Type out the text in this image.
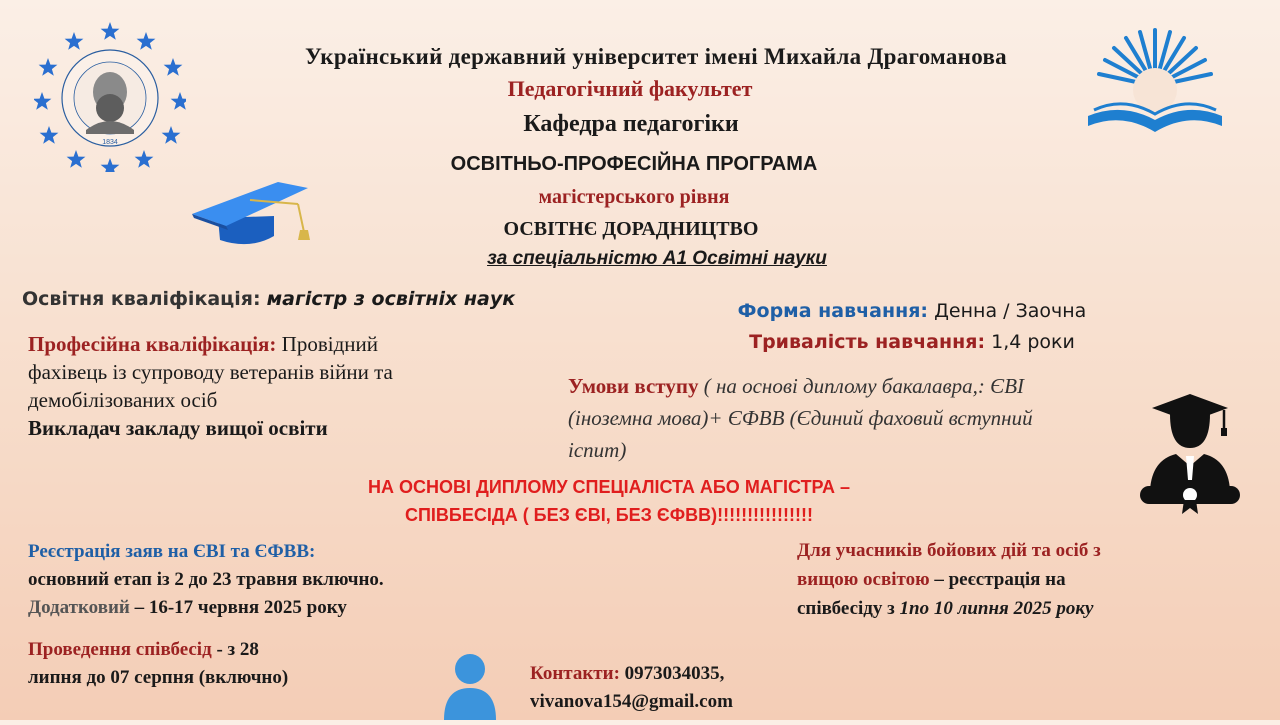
1834
Український державний університет імені Михайла Драгоманова
Педагогічний факультет
Кафедра педагогіки
ОСВІТНЬО-ПРОФЕСІЙНА ПРОГРАМА
магістерського рівня
ОСВІТНЄ ДОРАДНИЦТВО
за спеціальністю А1 Освітні науки
Освітня кваліфікація: магістр з освітніх наук
Професійна кваліфікація: Провідний
фахівець із супроводу ветеранів війни та
демобілізованих осіб
Викладач закладу вищої освіти
Форма навчання: Денна / Заочна
Тривалість навчання: 1,4 роки
Умови вступу ( на основі диплому бакалавра,: ЄВІ
(іноземна мова)+ ЄФВВ (Єдиний фаховий вступний
іспит)
НА ОСНОВІ ДИПЛОМУ СПЕЦІАЛІСТА АБО МАГІСТРА –
СПІВБЕСІДА ( БЕЗ ЄВІ, БЕЗ ЄФВВ)!!!!!!!!!!!!!!!!
Реєстрація заяв на ЄВІ та ЄФВВ:
основний етап із 2 до 23 травня включно.
Додатковий – 16-17 червня 2025 року
Проведення співбесід - з 28
липня до 07 серпня (включно)
Для учасників бойових дій та осіб з
вищою освітою – реєстрація на
співбесіду з 1по 10 липня 2025 року
Контакти: 0973034035,
vivanova154@gmail.com
